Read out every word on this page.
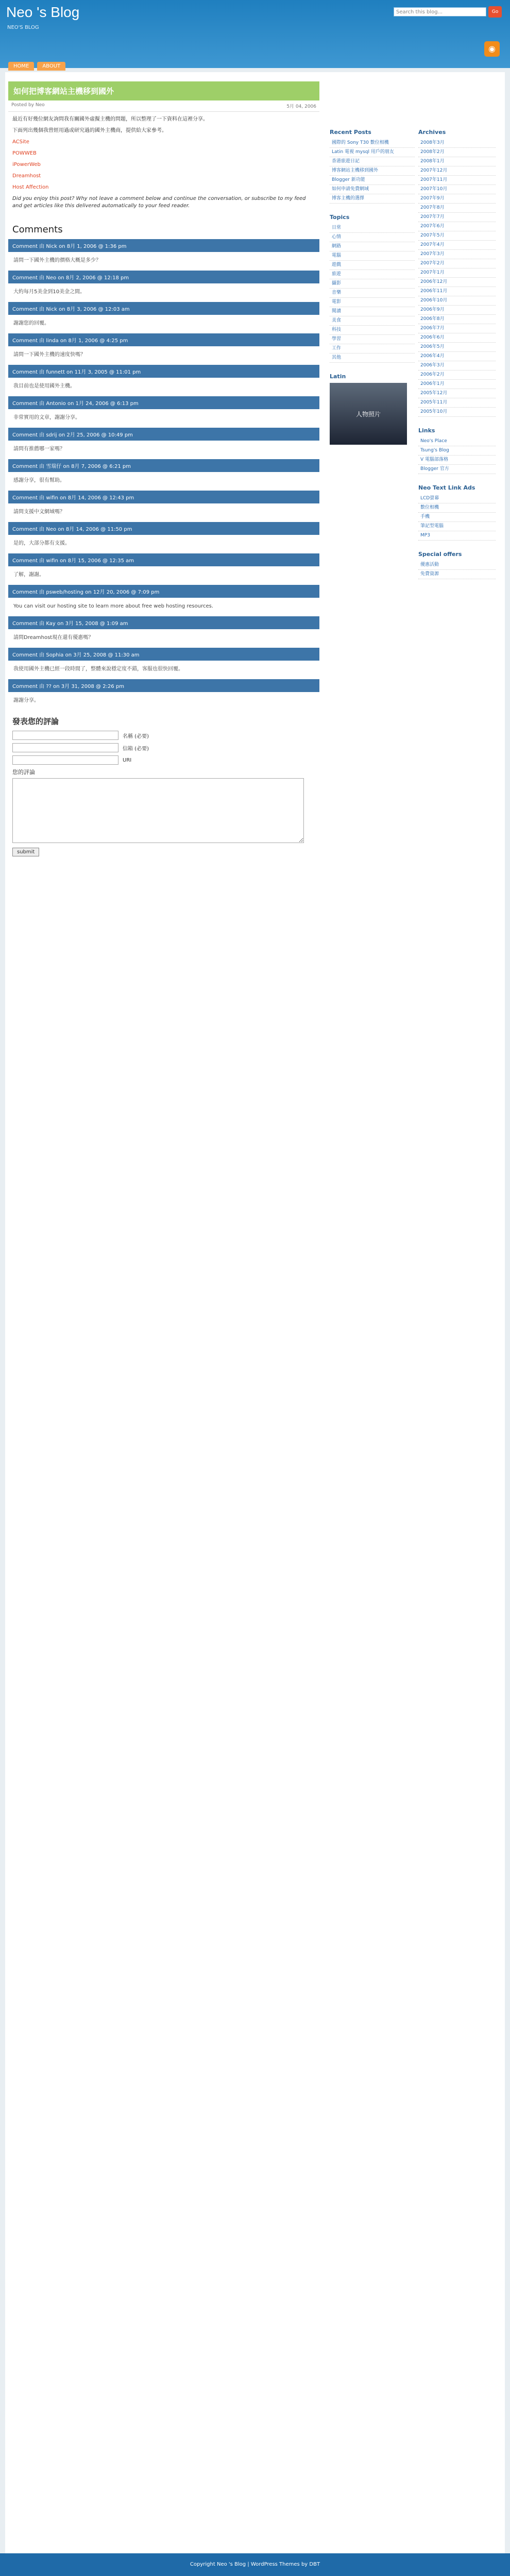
Neo 's Blog
NEO'S BLOG
Search this blog...	Go
◉
HOME	ABOUT
如何把博客網站主機移到國外
Posted by Neo	5月 04, 2006

最近有好幾位網友詢問我有關國外虛擬主機的問題，所以整理了一下資料在這裡分享。

下面列出幾個我曾經用過或研究過的國外主機商，提供給大家參考。

ACSite

POWWEB

iPowerWeb

Dreamhost

Host Affection

Did you enjoy this post? Why not leave a comment below and continue the conversation, or subscribe to my feed and get articles like this delivered automatically to your feed reader.

Comments
Comment 由 Nick on 8月 1, 2006 @ 1:36 pm
請問一下國外主機的價格大概是多少？
Comment 由 Neo on 8月 2, 2006 @ 12:18 pm
大約每月5美金到10美金之間。
Comment 由 Nick on 8月 3, 2006 @ 12:03 am
謝謝您的回覆。
Comment 由 linda on 8月 1, 2006 @ 4:25 pm
請問一下國外主機的速度快嗎？
Comment 由 funnett on 11月 3, 2005 @ 11:01 pm
我目前也是使用國外主機。
Comment 由 Antonio on 1月 24, 2006 @ 6:13 pm
非常實用的文章，謝謝分享。
Comment 由 sdrij on 2月 25, 2006 @ 10:49 pm
請問有推薦哪一家嗎？
Comment 由 雪瑞仔 on 8月 7, 2006 @ 6:21 pm
感謝分享，很有幫助。
Comment 由 wifin on 8月 14, 2006 @ 12:43 pm
請問支援中文網域嗎？
Comment 由 Neo on 8月 14, 2006 @ 11:50 pm
是的，大部分都有支援。
Comment 由 wifin on 8月 15, 2006 @ 12:35 am
了解，謝謝。
Comment 由 psweb/hosting on 12月 20, 2006 @ 7:09 pm
You can visit our hosting site to learn more about free web hosting resources.
Comment 由 Kay on 3月 15, 2008 @ 1:09 am
請問Dreamhost現在還有優惠嗎？
Comment 由 Sophia on 3月 25, 2008 @ 11:30 am
我使用國外主機已經一段時間了，整體來說穩定度不錯，客服也很快回覆。
Comment 由 ?? on 3月 31, 2008 @ 2:26 pm
謝謝分享。
發表您的評論
名稱 (必要)
信箱 (必要)
URI
您的評論

submit
Recent Posts
國際的 Sony T30 數位相機
Latin 電視 mysql 用戶的朋友
香港旅遊日記
博客網站主機移到國外
Blogger 新功能
如何申請免費網域
博客主機的選擇
Topics
日常
心情
網路
電腦
遊戲
旅遊
攝影
音樂
電影
閱讀
美食
科技
學習
工作
其他
Latin
人物照片
Archives
2008年3月
2008年2月
2008年1月
2007年12月
2007年11月
2007年10月
2007年9月
2007年8月
2007年7月
2007年6月
2007年5月
2007年4月
2007年3月
2007年2月
2007年1月
2006年12月
2006年11月
2006年10月
2006年9月
2006年8月
2006年7月
2006年6月
2006年5月
2006年4月
2006年3月
2006年2月
2006年1月
2005年12月
2005年11月
2005年10月
Links
Neo's Place
Tsung's Blog
V 電腦部落格
Blogger 官方
Neo Text Link Ads
LCD螢幕
數位相機
手機
筆記型電腦
MP3
Special offers
優惠活動
免費資源
Copyright Neo 's Blog | WordPress Themes by DBT
